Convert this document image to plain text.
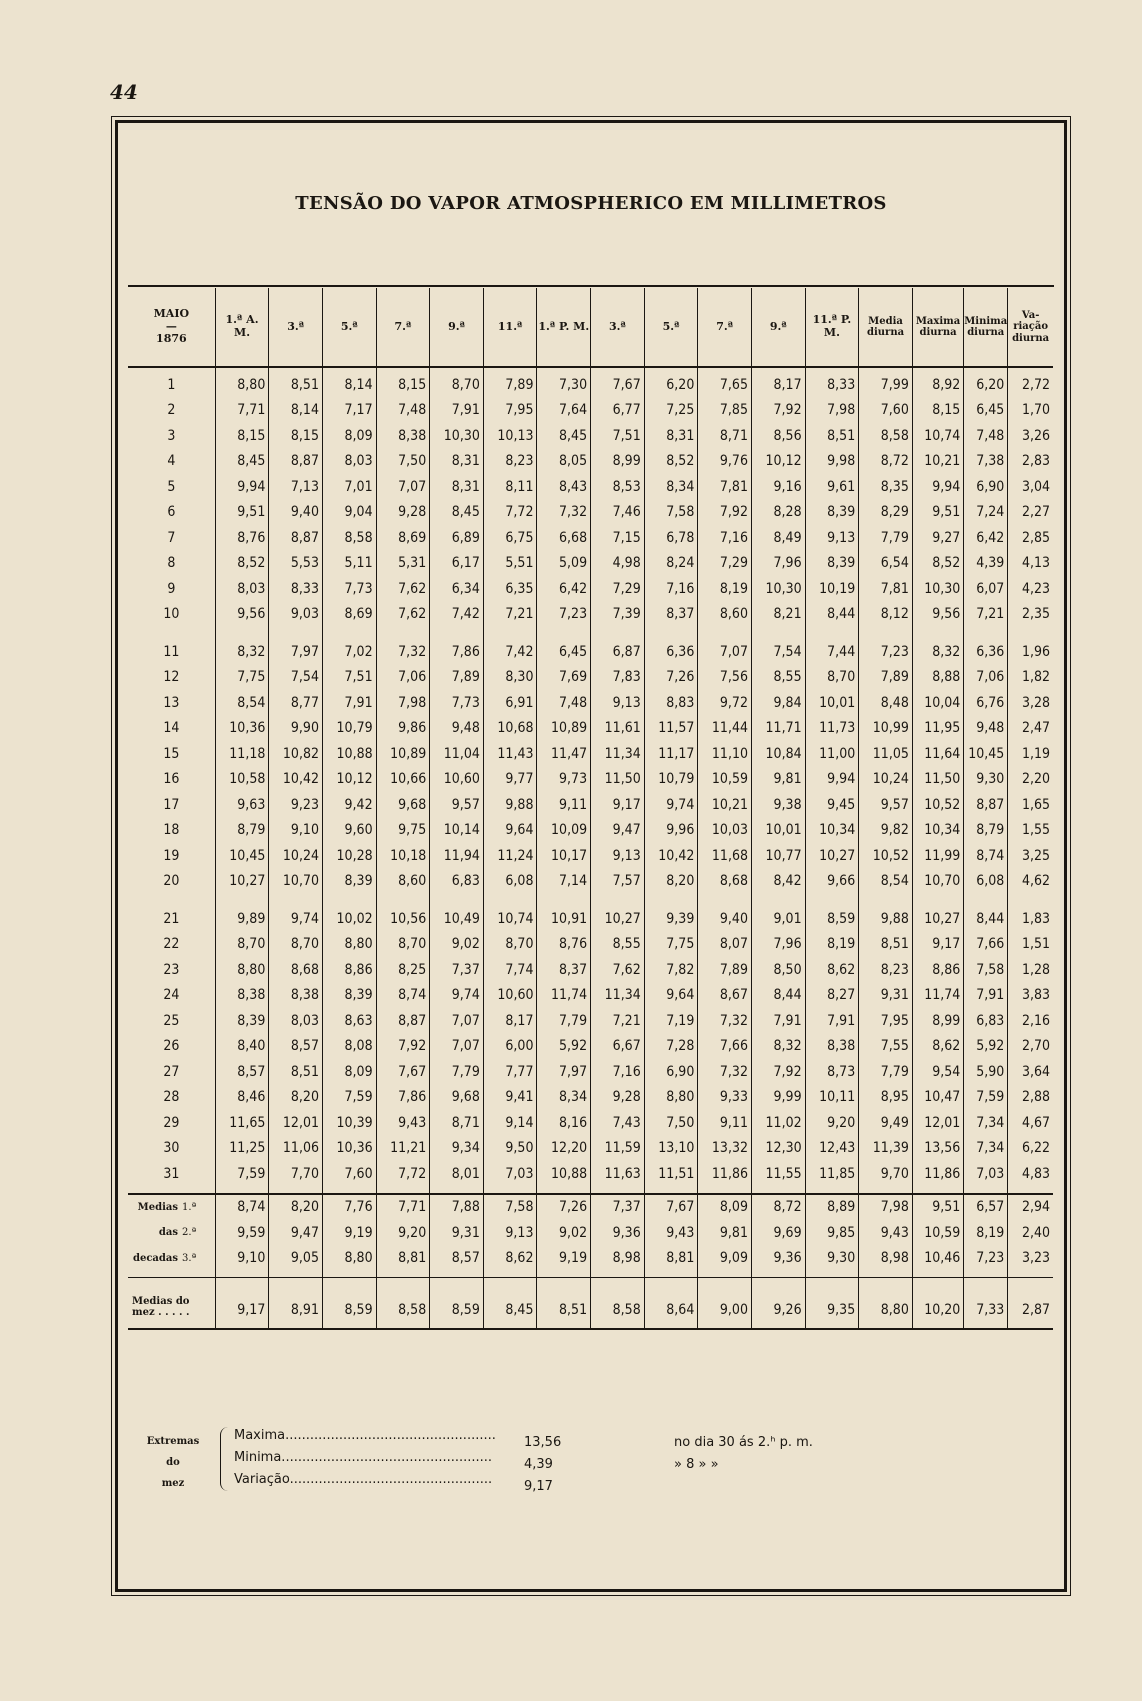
44
TENSÃO DO VAPOR ATMOSPHERICO EM MILLIMETROS
MAIO
—
1876	1.ª A. M.	3.ª	5.ª	7.ª	9.ª	11.ª	1.ª P. M.	3.ª	5.ª	7.ª	9.ª	11.ª P. M.	Media diurna	Maxima diurna	Minima diurna	Va- riação diurna
1	8,80	8,51	8,14	8,15	8,70	7,89	7,30	7,67	6,20	7,65	8,17	8,33	7,99	8,92	6,20	2,72
2	7,71	8,14	7,17	7,48	7,91	7,95	7,64	6,77	7,25	7,85	7,92	7,98	7,60	8,15	6,45	1,70
3	8,15	8,15	8,09	8,38	10,30	10,13	8,45	7,51	8,31	8,71	8,56	8,51	8,58	10,74	7,48	3,26
4	8,45	8,87	8,03	7,50	8,31	8,23	8,05	8,99	8,52	9,76	10,12	9,98	8,72	10,21	7,38	2,83
5	9,94	7,13	7,01	7,07	8,31	8,11	8,43	8,53	8,34	7,81	9,16	9,61	8,35	9,94	6,90	3,04
6	9,51	9,40	9,04	9,28	8,45	7,72	7,32	7,46	7,58	7,92	8,28	8,39	8,29	9,51	7,24	2,27
7	8,76	8,87	8,58	8,69	6,89	6,75	6,68	7,15	6,78	7,16	8,49	9,13	7,79	9,27	6,42	2,85
8	8,52	5,53	5,11	5,31	6,17	5,51	5,09	4,98	8,24	7,29	7,96	8,39	6,54	8,52	4,39	4,13
9	8,03	8,33	7,73	7,62	6,34	6,35	6,42	7,29	7,16	8,19	10,30	10,19	7,81	10,30	6,07	4,23
10	9,56	9,03	8,69	7,62	7,42	7,21	7,23	7,39	8,37	8,60	8,21	8,44	8,12	9,56	7,21	2,35

11	8,32	7,97	7,02	7,32	7,86	7,42	6,45	6,87	6,36	7,07	7,54	7,44	7,23	8,32	6,36	1,96
12	7,75	7,54	7,51	7,06	7,89	8,30	7,69	7,83	7,26	7,56	8,55	8,70	7,89	8,88	7,06	1,82
13	8,54	8,77	7,91	7,98	7,73	6,91	7,48	9,13	8,83	9,72	9,84	10,01	8,48	10,04	6,76	3,28
14	10,36	9,90	10,79	9,86	9,48	10,68	10,89	11,61	11,57	11,44	11,71	11,73	10,99	11,95	9,48	2,47
15	11,18	10,82	10,88	10,89	11,04	11,43	11,47	11,34	11,17	11,10	10,84	11,00	11,05	11,64	10,45	1,19
16	10,58	10,42	10,12	10,66	10,60	9,77	9,73	11,50	10,79	10,59	9,81	9,94	10,24	11,50	9,30	2,20
17	9,63	9,23	9,42	9,68	9,57	9,88	9,11	9,17	9,74	10,21	9,38	9,45	9,57	10,52	8,87	1,65
18	8,79	9,10	9,60	9,75	10,14	9,64	10,09	9,47	9,96	10,03	10,01	10,34	9,82	10,34	8,79	1,55
19	10,45	10,24	10,28	10,18	11,94	11,24	10,17	9,13	10,42	11,68	10,77	10,27	10,52	11,99	8,74	3,25
20	10,27	10,70	8,39	8,60	6,83	6,08	7,14	7,57	8,20	8,68	8,42	9,66	8,54	10,70	6,08	4,62

21	9,89	9,74	10,02	10,56	10,49	10,74	10,91	10,27	9,39	9,40	9,01	8,59	9,88	10,27	8,44	1,83
22	8,70	8,70	8,80	8,70	9,02	8,70	8,76	8,55	7,75	8,07	7,96	8,19	8,51	9,17	7,66	1,51
23	8,80	8,68	8,86	8,25	7,37	7,74	8,37	7,62	7,82	7,89	8,50	8,62	8,23	8,86	7,58	1,28
24	8,38	8,38	8,39	8,74	9,74	10,60	11,74	11,34	9,64	8,67	8,44	8,27	9,31	11,74	7,91	3,83
25	8,39	8,03	8,63	8,87	7,07	8,17	7,79	7,21	7,19	7,32	7,91	7,91	7,95	8,99	6,83	2,16
26	8,40	8,57	8,08	7,92	7,07	6,00	5,92	6,67	7,28	7,66	8,32	8,38	7,55	8,62	5,92	2,70
27	8,57	8,51	8,09	7,67	7,79	7,77	7,97	7,16	6,90	7,32	7,92	8,73	7,79	9,54	5,90	3,64
28	8,46	8,20	7,59	7,86	9,68	9,41	8,34	9,28	8,80	9,33	9,99	10,11	8,95	10,47	7,59	2,88
29	11,65	12,01	10,39	9,43	8,71	9,14	8,16	7,43	7,50	9,11	11,02	9,20	9,49	12,01	7,34	4,67
30	11,25	11,06	10,36	11,21	9,34	9,50	12,20	11,59	13,10	13,32	12,30	12,43	11,39	13,56	7,34	6,22
31	7,59	7,70	7,60	7,72	8,01	7,03	10,88	11,63	11,51	11,86	11,55	11,85	9,70	11,86	7,03	4,83

Medias 1.ª	8,74	8,20	7,76	7,71	7,88	7,58	7,26	7,37	7,67	8,09	8,72	8,89	7,98	9,51	6,57	2,94
das 2.ª	9,59	9,47	9,19	9,20	9,31	9,13	9,02	9,36	9,43	9,81	9,69	9,85	9,43	10,59	8,19	2,40
decadas 3.ª	9,10	9,05	8,80	8,81	8,57	8,62	9,19	8,98	8,81	9,09	9,36	9,30	8,98	10,46	7,23	3,23

Medias do
mez . . . . .	9,17	8,91	8,59	8,58	8,59	8,45	8,51	8,58	8,64	9,00	9,26	9,35	8,80	10,20	7,33	2,87

Extremas
do
mez
Maxima................................................... 13,56	no dia 30 ás 2.ʰ p. m.
Minima................................................... 4,39	» 8 » »
Variação................................................. 9,17
